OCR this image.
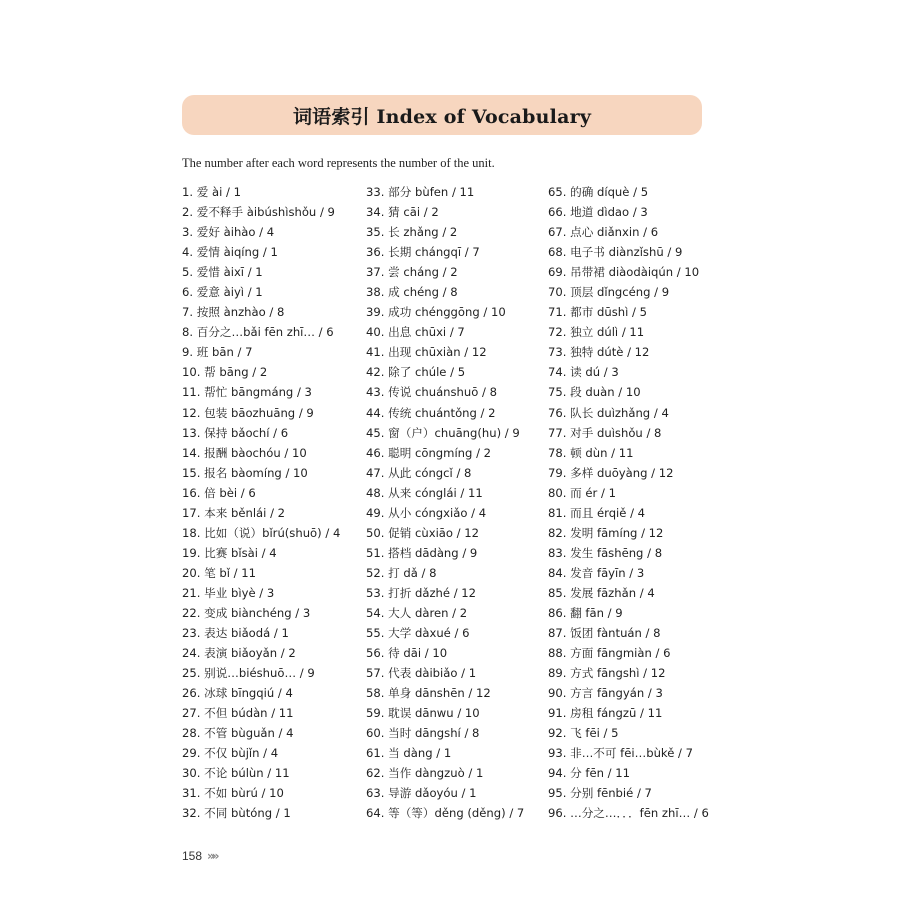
词语索引 Index of Vocabulary
The number after each word represents the number of the unit.
1. 爱 ài / 1
2. 爱不释手 àibúshìshǒu / 9
3. 爱好 àihào / 4
4. 爱情 àiqíng / 1
5. 爱惜 àixī / 1
6. 爱意 àiyì / 1
7. 按照 ànzhào / 8
8. 百分之…bǎi fēn zhī… / 6
9. 班 bān / 7
10. 帮 bāng / 2
11. 帮忙 bāngmáng / 3
12. 包装 bāozhuāng / 9
13. 保持 bǎochí / 6
14. 报酬 bàochóu / 10
15. 报名 bàomíng / 10
16. 倍 bèi / 6
17. 本来 běnlái / 2
18. 比如（说）bǐrú(shuō) / 4
19. 比赛 bǐsài / 4
20. 笔 bǐ / 11
21. 毕业 bìyè / 3
22. 变成 biànchéng / 3
23. 表达 biǎodá / 1
24. 表演 biǎoyǎn / 2
25. 别说…biéshuō… / 9
26. 冰球 bīngqiú / 4
27. 不但 búdàn / 11
28. 不管 bùguǎn / 4
29. 不仅 bùjǐn / 4
30. 不论 búlùn / 11
31. 不如 bùrú / 10
32. 不同 bùtóng / 1
33. 部分 bùfen / 11
34. 猜 cāi / 2
35. 长 zhǎng / 2
36. 长期 chángqī / 7
37. 尝 cháng / 2
38. 成 chéng / 8
39. 成功 chénggōng / 10
40. 出息 chūxi / 7
41. 出现 chūxiàn / 12
42. 除了 chúle / 5
43. 传说 chuánshuō / 8
44. 传统 chuántǒng / 2
45. 窗（户）chuāng(hu) / 9
46. 聪明 cōngmíng / 2
47. 从此 cóngcǐ / 8
48. 从来 cónglái / 11
49. 从小 cóngxiǎo / 4
50. 促销 cùxiāo / 12
51. 搭档 dādàng / 9
52. 打 dǎ / 8
53. 打折 dǎzhé / 12
54. 大人 dàren / 2
55. 大学 dàxué / 6
56. 待 dāi / 10
57. 代表 dàibiǎo / 1
58. 单身 dānshēn / 12
59. 耽误 dānwu / 10
60. 当时 dāngshí / 8
61. 当 dàng / 1
62. 当作 dàngzuò / 1
63. 导游 dǎoyóu / 1
64. 等（等）děng (děng) / 7
65. 的确 díquè / 5
66. 地道 dìdao / 3
67. 点心 diǎnxin / 6
68. 电子书 diànzǐshū / 9
69. 吊带裙 diàodàiqún / 10
70. 顶层 dǐngcéng / 9
71. 都市 dūshì / 5
72. 独立 dúlì / 11
73. 独特 dútè / 12
74. 读 dú / 3
75. 段 duàn / 10
76. 队长 duìzhǎng / 4
77. 对手 duìshǒu / 8
78. 顿 dùn / 11
79. 多样 duōyàng / 12
80. 而 ér / 1
81. 而且 érqiě / 4
82. 发明 fāmíng / 12
83. 发生 fāshēng / 8
84. 发音 fāyīn / 3
85. 发展 fāzhǎn / 4
86. 翻 fān / 9
87. 饭团 fàntuán / 8
88. 方面 fāngmiàn / 6
89. 方式 fāngshì / 12
90. 方言 fāngyán / 3
91. 房租 fángzū / 11
92. 飞 fēi / 5
93. 非…不可 fēi…bùkě / 7
94. 分 fēn / 11
95. 分别 fēnbié / 7
96. …分之…．．．fēn zhī… / 6
158 »»
